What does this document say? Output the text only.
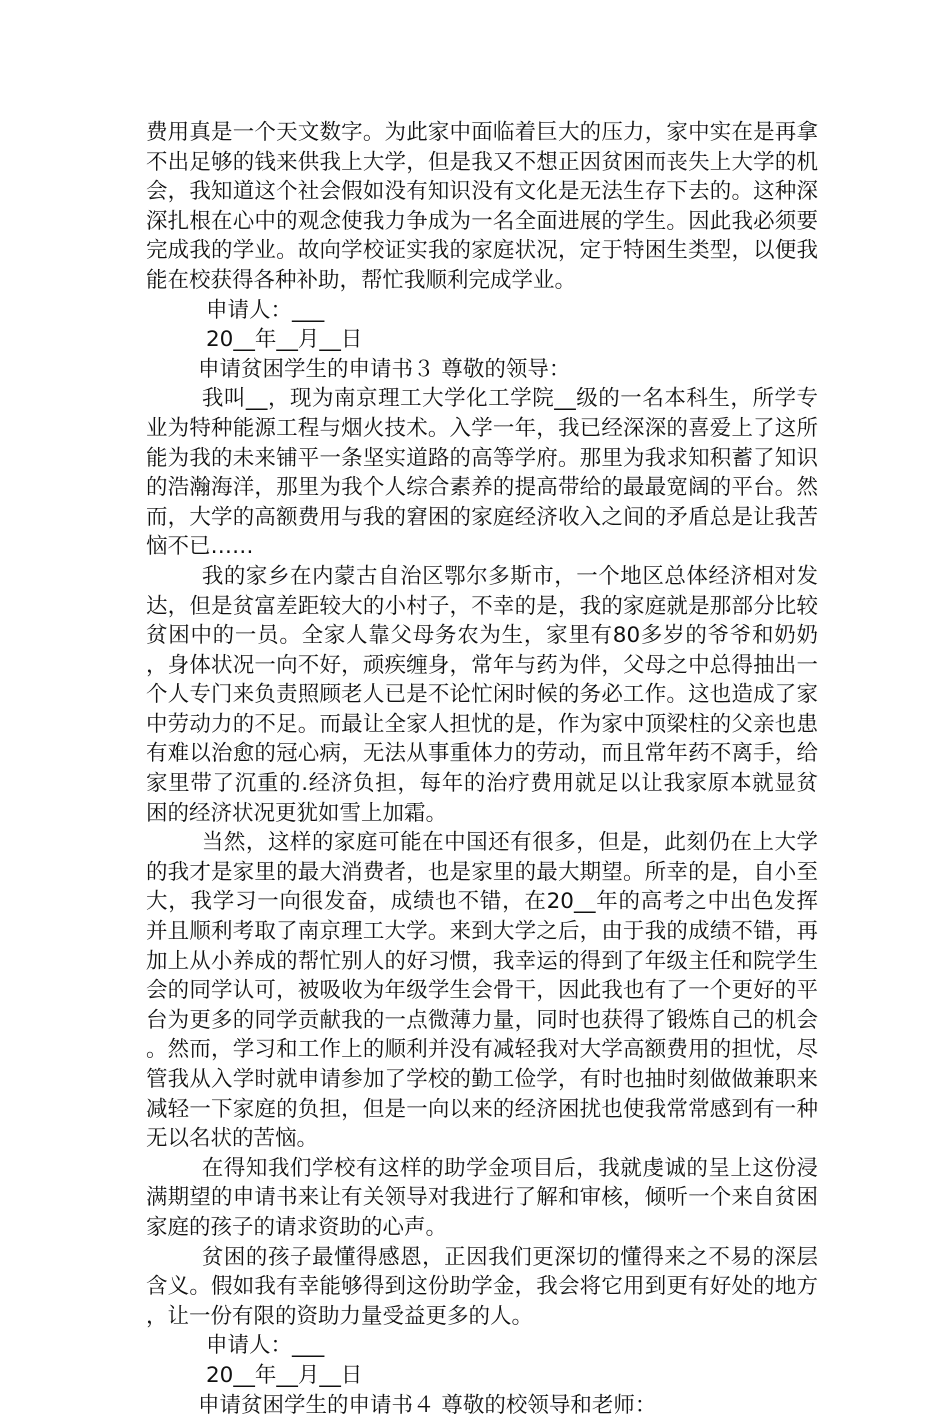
费用真是一个天文数字。为此家中面临着巨大的压力，家中实在是再拿不出足够的钱来供我上大学，但是我又不想正因贫困而丧失上大学的机会，我知道这个社会假如没有知识没有文化是无法生存下去的。这种深深扎根在心中的观念使我力争成为一名全面进展的学生。因此我必须要完成我的学业。故向学校证实我的家庭状况，定于特困生类型，以便我能在校获得各种补助，帮忙我顺利完成学业。

申请人：___

20__年__月__日

申请贫困学生的申请书３ 尊敬的领导：

我叫__，现为南京理工大学化工学院__级的一名本科生，所学专业为特种能源工程与烟火技术。入学一年，我已经深深的喜爱上了这所能为我的未来铺平一条坚实道路的高等学府。那里为我求知积蓄了知识的浩瀚海洋，那里为我个人综合素养的提高带给的最最宽阔的平台。然而，大学的高额费用与我的窘困的家庭经济收入之间的矛盾总是让我苦恼不已……

我的家乡在内蒙古自治区鄂尔多斯市，一个地区总体经济相对发达，但是贫富差距较大的小村子，不幸的是，我的家庭就是那部分比较贫困中的一员。全家人靠父母务农为生，家里有80多岁的爷爷和奶奶，身体状况一向不好，顽疾缠身，常年与药为伴，父母之中总得抽出一个人专门来负责照顾老人已是不论忙闲时候的务必工作。这也造成了家中劳动力的不足。而最让全家人担忧的是，作为家中顶梁柱的父亲也患有难以治愈的冠心病，无法从事重体力的劳动，而且常年药不离手，给家里带了沉重的.经济负担，每年的治疗费用就足以让我家原本就显贫困的经济状况更犹如雪上加霜。

当然，这样的家庭可能在中国还有很多，但是，此刻仍在上大学的我才是家里的最大消费者，也是家里的最大期望。所幸的是，自小至大，我学习一向很发奋，成绩也不错，在20__年的高考之中出色发挥并且顺利考取了南京理工大学。来到大学之后，由于我的成绩不错，再加上从小养成的帮忙别人的好习惯，我幸运的得到了年级主任和院学生会的同学认可，被吸收为年级学生会骨干，因此我也有了一个更好的平台为更多的同学贡献我的一点微薄力量，同时也获得了锻炼自己的机会。然而，学习和工作上的顺利并没有减轻我对大学高额费用的担忧，尽管我从入学时就申请参加了学校的勤工俭学，有时也抽时刻做做兼职来减轻一下家庭的负担，但是一向以来的经济困扰也使我常常感到有一种无以名状的苦恼。

在得知我们学校有这样的助学金项目后，我就虔诚的呈上这份浸满期望的申请书来让有关领导对我进行了解和审核，倾听一个来自贫困家庭的孩子的请求资助的心声。

贫困的孩子最懂得感恩，正因我们更深切的懂得来之不易的深层含义。假如我有幸能够得到这份助学金，我会将它用到更有好处的地方，让一份有限的资助力量受益更多的人。

申请人：___

20__年__月__日

申请贫困学生的申请书４ 尊敬的校领导和老师：
